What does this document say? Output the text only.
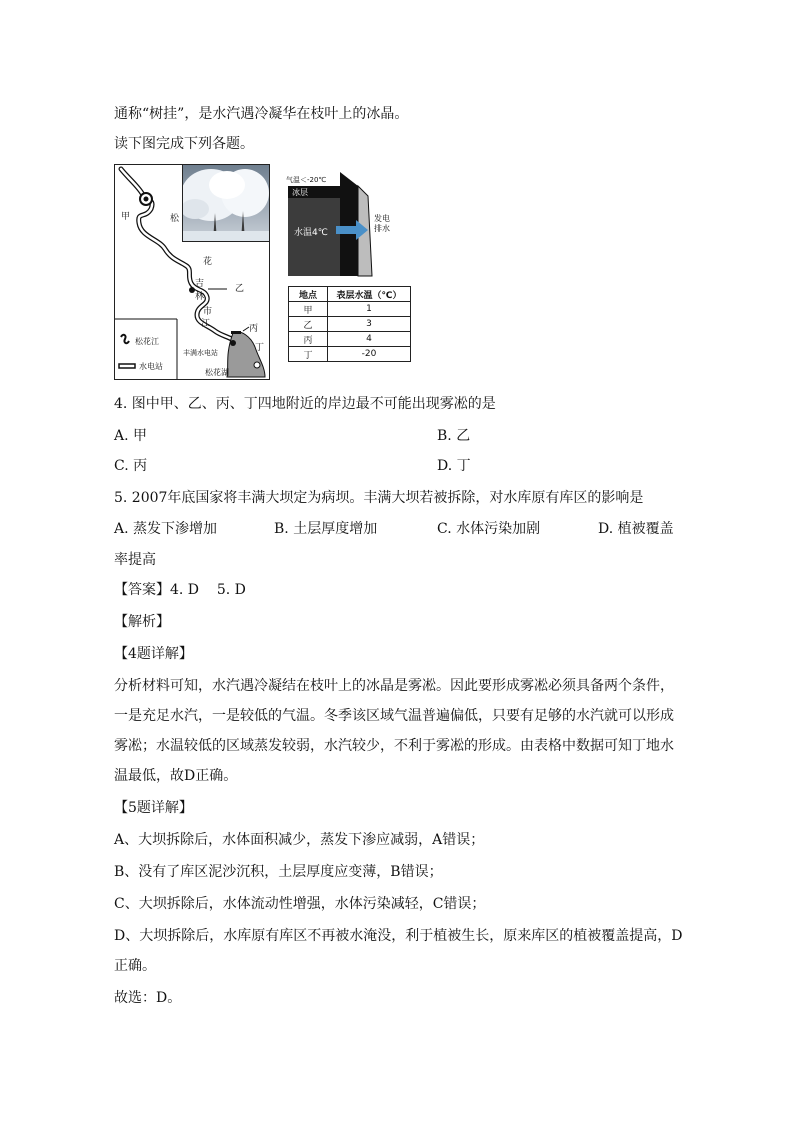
通称“树挂”，是水汽遇冷凝华在枝叶上的冰晶。
读下图完成下列各题。
甲	松
花
乙
吉
林
市
江	丙
丁
丰满水电站
松花湖
松花江
水电站
气温＜-20℃
冰层
水温4℃
发电
排水
地点	表层水温（℃）
甲	1
乙	3
丙	4
丁	-20
4. 图中甲、乙、丙、丁四地附近的岸边最不可能出现雾凇的是
A. 甲	B. 乙
C. 丙	D. 丁
5. 2007年底国家将丰满大坝定为病坝。丰满大坝若被拆除，对水库原有库区的影响是
A. 蒸发下渗增加	B. 土层厚度增加	C. 水体污染加剧	D. 植被覆盖
率提高
【答案】4. D    5. D
【解析】
【4题详解】
分析材料可知，水汽遇冷凝结在枝叶上的冰晶是雾凇。因此要形成雾凇必须具备两个条件，
一是充足水汽，一是较低的气温。冬季该区域气温普遍偏低，只要有足够的水汽就可以形成
雾凇；水温较低的区域蒸发较弱，水汽较少，不利于雾凇的形成。由表格中数据可知丁地水
温最低，故D正确。
【5题详解】
A、大坝拆除后，水体面积减少，蒸发下渗应减弱，A错误；
B、没有了库区泥沙沉积，土层厚度应变薄，B错误；
C、大坝拆除后，水体流动性增强，水体污染减轻，C错误；
D、大坝拆除后，水库原有库区不再被水淹没，利于植被生长，原来库区的植被覆盖提高，D
正确。
故选：D。
